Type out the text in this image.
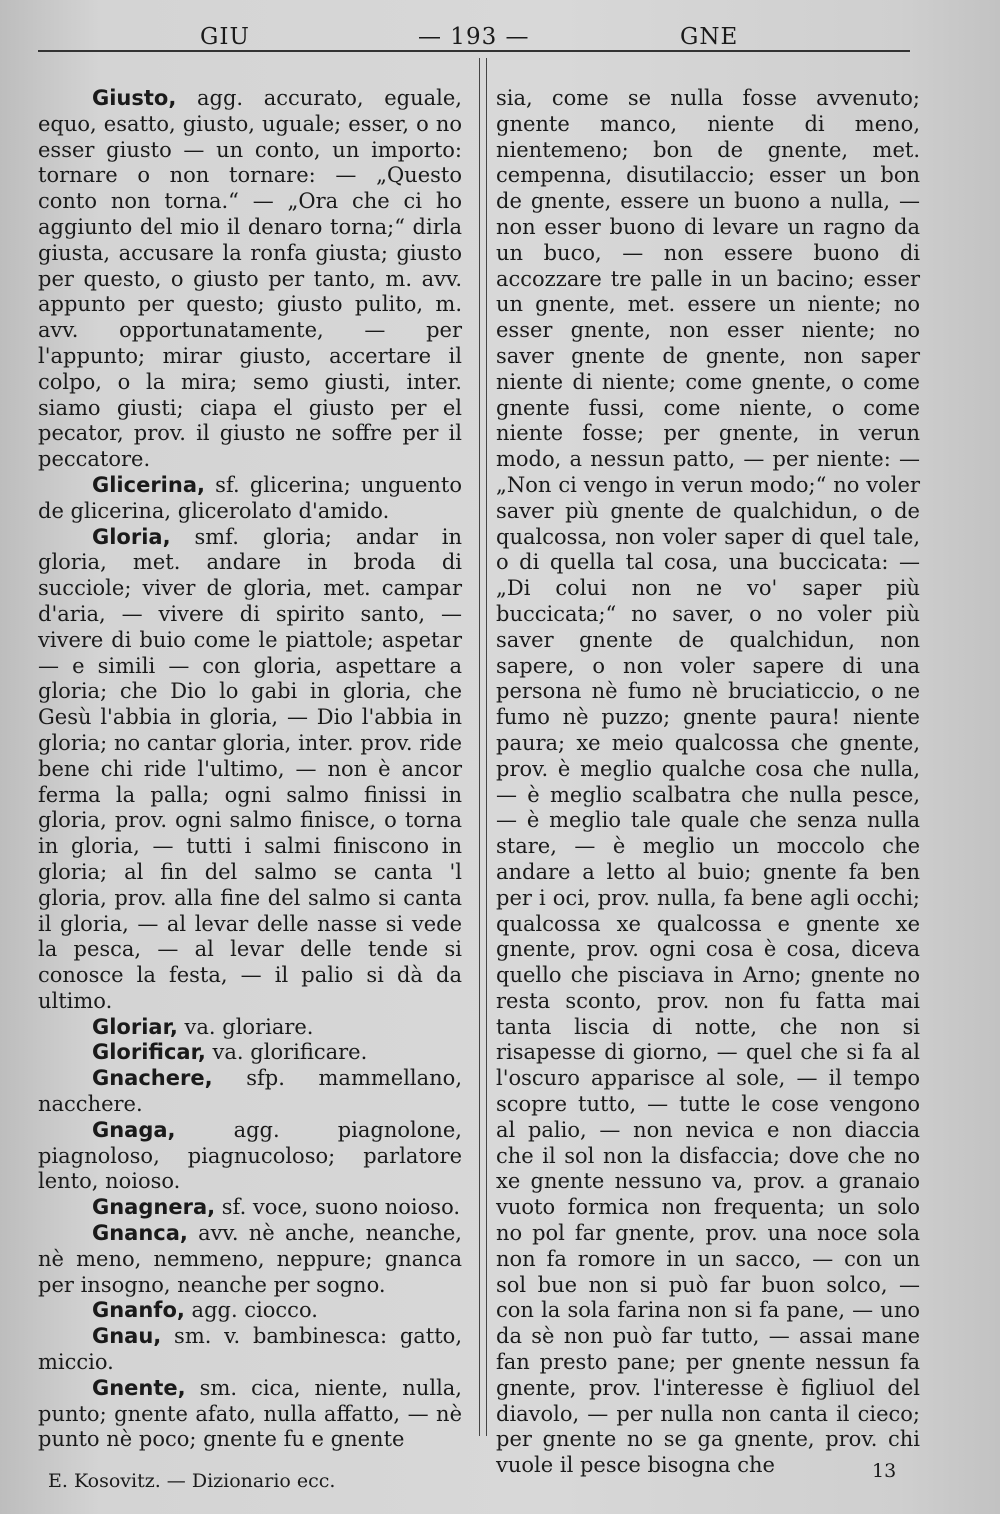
GIU	— 193 —	GNE

Giusto, agg. accurato, eguale, equo, esatto, giusto, uguale; esser, o no esser giusto — un conto, un importo: tornare o non tornare: — „Questo conto non torna.“ — „Ora che ci ho aggiunto del mio il denaro torna;“ dirla giusta, accusare la ronfa giusta; giusto per questo, o giusto per tanto, m. avv. appunto per questo; giusto pulito, m. avv. opportunatamente, — per l'appunto; mirar giusto, accertare il colpo, o la mira; semo giusti, inter. siamo giusti; ciapa el giusto per el pecator, prov. il giusto ne soffre per il peccatore.

Glicerina, sf. glicerina; unguento de glicerina, glicerolato d'amido.

Gloria, smf. gloria; andar in gloria, met. andare in broda di succiole; viver de gloria, met. campar d'aria, — vivere di spirito santo, — vivere di buio come le piattole; aspetar — e simili — con gloria, aspettare a gloria; che Dio lo gabi in gloria, che Gesù l'abbia in gloria, — Dio l'abbia in gloria; no cantar gloria, inter. prov. ride bene chi ride l'ultimo, — non è ancor ferma la palla; ogni salmo finissi in gloria, prov. ogni salmo finisce, o torna in gloria, — tutti i salmi finiscono in gloria; al fin del salmo se canta 'l gloria, prov. alla fine del salmo si canta il gloria, — al levar delle nasse si vede la pesca, — al levar delle tende si conosce la festa, — il palio si dà da ultimo.

Gloriar, va. gloriare.

Glorificar, va. glorificare.

Gnachere, sfp. mammellano, nacchere.

Gnaga,	agg. piagnolone, piagnoloso, piagnucoloso; parlatore lento, noioso.

Gnagnera, sf. voce, suono noioso.

Gnanca, avv. nè anche, neanche, nè meno, nemmeno, neppure; gnanca per insogno, neanche per sogno.

Gnanfo, agg. ciocco.

Gnau, sm. v. bambinesca: gatto, miccio.

Gnente, sm. cica, niente, nulla, punto; gnente afato, nulla affatto, — nè punto nè poco; gnente fu e gnente

sia, come se nulla fosse avvenuto; gnente manco, niente di meno, nientemeno; bon de gnente, met. cempenna, disutilaccio; esser un bon de gnente, essere un buono a nulla, — non esser buono di levare un ragno da un buco, — non essere buono di accozzare tre palle in un bacino; esser un gnente, met. essere un niente; no esser gnente, non esser niente; no saver gnente de gnente, non saper niente di niente; come gnente, o come gnente fussi, come niente, o come niente fosse; per gnente, in verun modo, a nessun patto, — per niente: — „Non ci vengo in verun modo;“ no voler saver più gnente de qualchidun, o de qualcossa, non voler saper di quel tale, o di quella tal cosa, una buccicata: — „Di colui non ne vo' saper più buccicata;“ no saver, o no voler più saver gnente de qualchidun, non sapere, o non voler sapere di una persona nè fumo nè bruciaticcio, o ne fumo nè puzzo; gnente paura! niente paura; xe meio qualcossa che gnente, prov. è meglio qualche cosa che nulla, — è meglio scalbatra che nulla pesce, — è meglio tale quale che senza nulla stare, — è meglio un moccolo che andare a letto al buio; gnente fa ben per i oci, prov. nulla, fa bene agli occhi; qualcossa xe qualcossa e gnente xe gnente, prov. ogni cosa è cosa, diceva quello che pisciava in Arno; gnente no resta sconto, prov. non fu fatta mai tanta liscia di notte, che non si risapesse di giorno, — quel che si fa al l'oscuro apparisce al sole, — il tempo scopre tutto, — tutte le cose vengono al palio, — non nevica e non diaccia che il sol non la disfaccia; dove che no xe gnente nessuno va, prov. a granaio vuoto formica non frequenta; un solo no pol far gnente, prov. una noce sola non fa romore in un sacco, — con un sol bue non si può far buon solco, — con la sola farina non si fa pane, — uno da sè non può far tutto, — assai mane fan presto pane; per gnente nessun fa gnente, prov. l'interesse è figliuol del diavolo, — per nulla non canta il cieco; per gnente no se ga gnente, prov. chi vuole il pesce bisogna che

E. Kosovitz. — Dizionario ecc.	13
